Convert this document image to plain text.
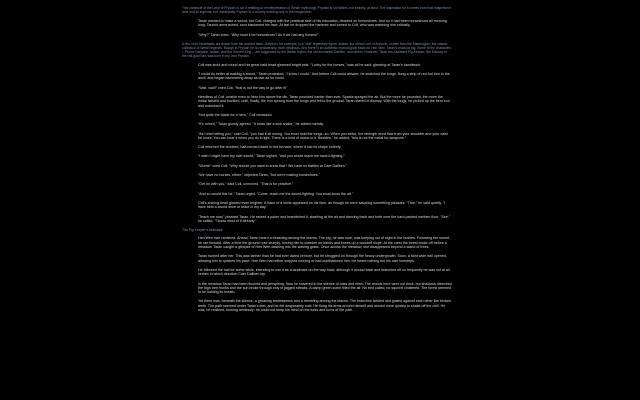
This chronicle of the Land of Prydain is not a retelling or reinterpretation of Welsh mythology. Prydain is not Wales, not entirely, at least. The inspiration for it comes from that magnificent land and its legends; but, essentially, Prydain is a country existing only in the imagination.

Taran wanted to make a sword; but Coll, charged with the practical side of his education, decided on horseshoes. And so it had been horseshoes all morning long. Taran's arms ached, soot blackened his face. At last he dropped the hammer and turned to Coll, who was watching him critically.

"Why?" Taran cried. "Why must it be horseshoes? As if we had any horses!"

A few of its inhabitants are drawn from the ancient tales. Gwydion, for example, is a "real" legendary figure. Arawn, the dread Lord of Annuvin, comes from the Mabinogion, the classic collection of Welsh legends, though in Prydain he is considerably more villainous. And there is an authentic mythological basis for Hen Wen, Taran's oracular pig. Some of the characters -- Prince Gwydion, Arawn, and the Horned King -- are suggested by the Welsh myths; the old enchanter Dallben, and others. However, Taran the Assistant Pig-Keeper, like Eilonwy of the red-gold hair, was born in my own Prydain.

Coll was stout and round and his great bald head gleamed bright pink. "Lucky for the horses," was all he said, glancing at Taran's handiwork.

"I could do better at making a sword," Taran protested. "I know I could." And before Coll could answer, he snatched the tongs, flung a strip of red-hot iron to the anvil, and began hammering away as fast as he could.

"Wait, wait!" cried Coll, "that is not the way to go after it!"

Heedless of Coll, unable even to hear him above the din, Taran pounded harder than ever. Sparks sprayed the air. But the more he pounded, the more the metal twisted and buckled, until, finally, the iron sprang from the tongs and fell to the ground. Taran stared in dismay. With the tongs, he picked up the bent iron and examined it.

"Not quite the blade for a hero," Coll remarked.

"It's ruined," Taran glumly agreed. "It looks like a sick snake," he added ruefully.

"As I tried telling you," said Coll, "you had it all wrong. You must hold the tongs--so. When you strike, the strength must flow from your shoulder and your wrist be loose. You can hear it when you do it right. There is a kind of music in it. Besides," he added, "this is not the metal for weapons."

Coll returned the crooked, half-formed blade to the furnace, where it lost its shape entirely.

"I wish I might have my own sword," Taran sighed, "and you would teach me sword-fighting."

"Wurra!" cried Coll. "Why should you want to know that? We have no battles at Caer Dallben."

"We have no horses, either," objected Taran, "but we're making horseshoes."

"Get on with you," said Coll, unmoved. "That is for practice."

"And so would this be," Taran urged. "Come, teach me the sword-fighting. You must know the art."

Coll's shining head glowed even brighter. A trace of a smile appeared on his face, as though he were savoring something pleasant. "True," he said quietly, "I have held a sword once or twice in my day."

"Teach me now," pleaded Taran. He seized a poker and brandished it, slashing at the air and dancing back and forth over the hard-packed earthen floor. "See," he called, "I know most of it already."

The Pig Keeper's Assistant

Hen Wen had vanished. Ahead, Taran heard a thrashing among the leaves. The pig, he was sure, was keeping out of sight in the bushes. Following the sound, he ran forward. After a time the ground rose sharply, forcing him to clamber on hands and knees up a wooded slope. At the crest the forest broke off before a meadow. Taran caught a glimpse of Hen Wen dashing into the waving grass. Once across the meadow, she disappeared beyond a stand of trees.

Taran hurried after her. This was farther than he had ever dared venture, but he struggled on through the heavy undergrowth. Soon, a faint wide trail opened, allowing him to quicken his pace. Hen Wen had either stopped running or had outdistanced him. He heard nothing but his own footsteps.

He followed the trail for some while, intending to use it as a landmark on the way back, although it wound back and branched off so frequently he was not at all certain in which direction Caer Dallben lay.

In the meadow Taran had been flushed and perspiring. Now he shivered in the silence of oaks and elms. The woods here were not thick, but shadows drenched the high tree trunks and the sun broke through only in jagged streaks. A damp green scent filled the air. No bird called, no squirrel chattered. The forest seemed to be holding its breath.

Yet there was, beneath the silence, a groaning restlessness and a trembling among the leaves. The branches twisted and grated against each other like broken teeth. The path seemed under Taran's feet, and he felt desperately cold. He flung his arms around himself and moved more quickly to shake off the chill. He was, he realized, running aimlessly; he could not keep his mind on the forks and turns of the path.
